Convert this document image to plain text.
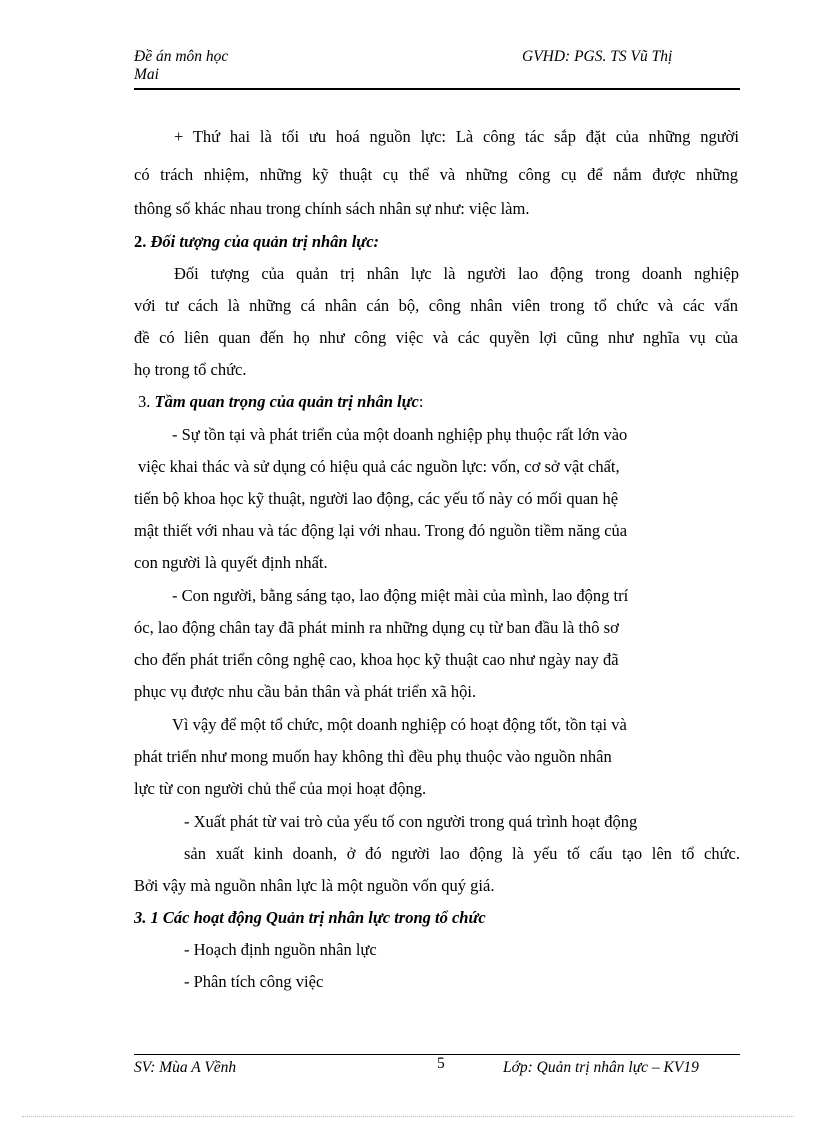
Đề án môn học	GVHD: PGS. TS Vũ Thị
Mai
+ Thứ hai là tối ưu hoá nguồn lực: Là công tác sắp đặt của những người
có trách nhiệm, những kỹ thuật cụ thể và những công cụ để nắm được những
thông số khác nhau trong chính sách nhân sự như: việc làm.
2. Đối tượng của quản trị nhân lực:
Đối tượng của quản trị nhân lực là người lao động trong doanh nghiệp
với tư cách là những cá nhân cán bộ, công nhân viên trong tổ chức và các vấn
đề có liên quan đến họ như công việc và các quyền lợi cũng như nghĩa vụ của
họ trong tổ chức.
3. Tầm quan trọng của quản trị nhân lực:
- Sự tồn tại và phát triển của một doanh nghiệp phụ thuộc rất lớn vào
việc khai thác và sử dụng có hiệu quả các nguồn lực: vốn, cơ sở vật chất,
tiến bộ khoa học kỹ thuật, người lao động, các yếu tố này có mối quan hệ
mật thiết với nhau và tác động lại với nhau. Trong đó nguồn tiềm năng của
con người là quyết định nhất.
- Con người, bằng sáng tạo, lao động miệt mài của mình, lao động trí
óc, lao động chân tay đã phát minh ra những dụng cụ từ ban đầu là thô sơ
cho đến phát triển công nghệ cao, khoa học kỹ thuật cao như ngày nay đã
phục vụ được nhu cầu bản thân và phát triển xã hội.
Vì vậy để một tổ chức, một doanh nghiệp có hoạt động tốt, tồn tại và
phát triển như mong muốn hay không thì đều phụ thuộc vào nguồn nhân
lực từ con người chủ thể của mọi hoạt động.
- Xuất phát từ vai trò của yếu tố con người trong quá trình hoạt động
sản xuất kinh doanh, ở đó người lao động là yếu tố cấu tạo lên tổ chức.
Bởi vậy mà nguồn nhân lực là một nguồn vốn quý giá.
3. 1 Các hoạt động Quản trị nhân lực trong tổ chức
- Hoạch định nguồn nhân lực
- Phân tích công việc
SV: Mùa A Vềnh	5	Lớp: Quản trị nhân lực – KV19
